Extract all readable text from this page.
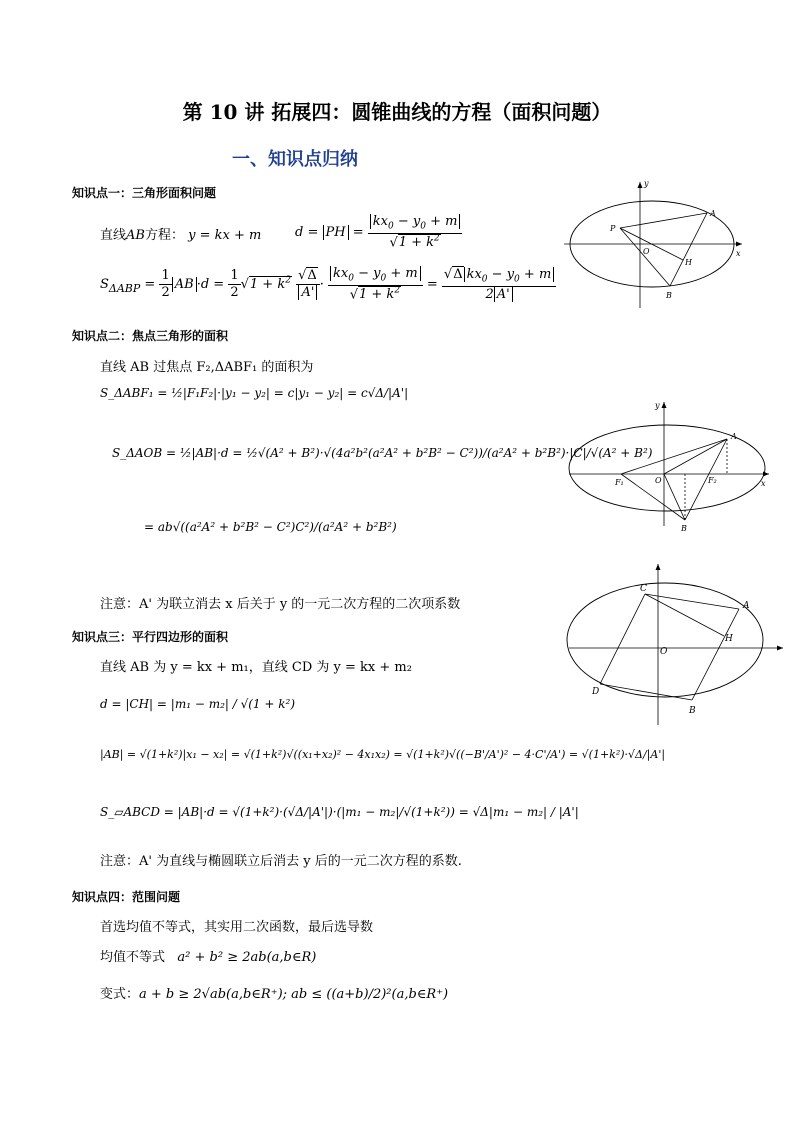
第 10 讲 拓展四：圆锥曲线的方程（面积问题）
一、知识点归纳
知识点一：三角形面积问题
直线AB方程： y = kx + m	d = PH = $\frac{kx_0 - y_0 + m}{√1 + k^2}$
$S_{\Delta ABP} = \frac{1}{2}$ AB $\cdot d = \frac{1}{2} √1 + k^2 \frac{√\Delta}{A'} \cdot \frac{kx_0 - y_0 + m}{√1 + k^2} = \frac{√\Delta kx_0 - y_0 + m}{2 A'}$
y
x
P
O
A
H
B
知识点二：焦点三角形的面积
直线 AB 过焦点 F₂,ΔABF₁ 的面积为
S_ΔABF₁ = ½|F₁F₂|·|y₁ − y₂| = c|y₁ − y₂| = c√Δ/|A'|
S_ΔAOB = ½|AB|·d = ½√(A² + B²)·√(4a²b²(a²A² + b²B² − C²))/(a²A² + b²B²)·|C|/√(A² + B²)
= ab√((a²A² + b²B² − C²)C²)/(a²A² + b²B²)
注意：A' 为联立消去 x 后关于 y 的一元二次方程的二次项系数
y
x
A
F₁	O	F₂
B
知识点三：平行四边形的面积
直线 AB 为 y = kx + m₁，直线 CD 为 y = kx + m₂
d = |CH| = |m₁ − m₂| / √(1 + k²)
|AB| = √(1+k²)|x₁ − x₂| = √(1+k²)√((x₁+x₂)² − 4x₁x₂) = √(1+k²)√((−B'/A')² − 4·C'/A') = √(1+k²)·√Δ/|A'|
S_▱ABCD = |AB|·d = √(1+k²)·(√Δ/|A'|)·(|m₁ − m₂|/√(1+k²)) = √Δ|m₁ − m₂| / |A'|
注意：A' 为直线与椭圆联立后消去 y 后的一元二次方程的系数.
C
A
H
O
D
B
知识点四：范围问题
首选均值不等式，其实用二次函数，最后选导数
均值不等式 a² + b² ≥ 2ab(a,b∈R)
变式：a + b ≥ 2√ab(a,b∈R⁺); ab ≤ ((a+b)/2)²(a,b∈R⁺)
